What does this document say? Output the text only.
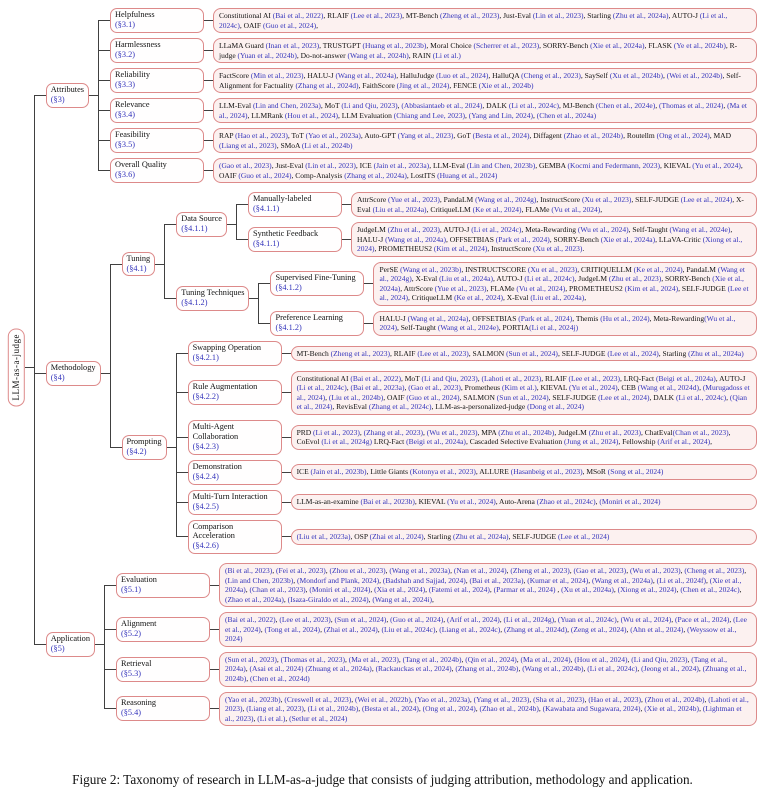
LLM-as-a-judge
Attributes
(§3)
Helpfulness
(§3.1)
Constitutional AI (Bai et al., 2022), RLAIF (Lee et al., 2023), MT-Bench (Zheng et al., 2023), Just-Eval (Lin et al., 2023), Starling (Zhu et al., 2024a), AUTO-J (Li et al., 2024c), OAIF (Guo et al., 2024),
Harmlessness
(§3.2)
LLaMA Guard (Inan et al., 2023), TRUSTGPT (Huang et al., 2023b), Moral Choice (Scherrer et al., 2023), SORRY-Bench (Xie et al., 2024a), FLASK (Ye et al., 2024b), R-judge (Yuan et al., 2024b), Do-not-answer (Wang et al., 2024h), RAIN (Li et al.)
Reliability
(§3.3)
FactScore (Min et al., 2023), HALU-J (Wang et al., 2024a), HalluJudge (Luo et al., 2024), HalluQA (Cheng et al., 2023), SaySelf (Xu et al., 2024b), (Wei et al., 2024b), Self-Alignment for Factuality (Zhang et al., 2024d), FaithScore (Jing et al., 2024), FENCE (Xie et al., 2024b)
Relevance
(§3.4)
LLM-Eval (Lin and Chen, 2023a), MoT (Li and Qiu, 2023), (Abbasiantaeb et al., 2024), DALK (Li et al., 2024c), MJ-Bench (Chen et al., 2024e), (Thomas et al., 2024), (Ma et al., 2024), LLMRank (Hou et al., 2024), LLM Evaluation (Chiang and Lee, 2023), (Yang and Lin, 2024), (Chen et al., 2024a)
Feasibility
(§3.5)
RAP (Hao et al., 2023), ToT (Yao et al., 2023a), Auto-GPT (Yang et al., 2023), GoT (Besta et al., 2024), Diffagent (Zhao et al., 2024b), Routellm (Ong et al., 2024), MAD (Liang et al., 2023), SMoA (Li et al., 2024b)
Overall Quality
(§3.6)
(Gao et al., 2023), Just-Eval (Lin et al., 2023), ICE (Jain et al., 2023a), LLM-Eval (Lin and Chen, 2023b), GEMBA (Kocmi and Federmann, 2023), KIEVAL (Yu et al., 2024), OAIF (Guo et al., 2024), Comp-Analysis (Zhang et al., 2024a), LostITS (Huang et al., 2024)
Methodology
(§4)
Tuning
(§4.1)
Data Source
(§4.1.1)
Manually-labeled
(§4.1.1)
AttrScore (Yue et al., 2023), PandaLM (Wang et al., 2024g), InstructScore (Xu et al., 2023), SELF-JUDGE (Lee et al., 2024), X-Eval (Liu et al., 2024a), CritiqueLLM (Ke et al., 2024), FLAMe (Vu et al., 2024),
Synthetic Feedback
(§4.1.1)
JudgeLM (Zhu et al., 2023), AUTO-J (Li et al., 2024c), Meta-Rewarding (Wu et al., 2024), Self-Taught (Wang et al., 2024e), HALU-J (Wang et al., 2024a), OFFSETBIAS (Park et al., 2024), SORRY-Bench (Xie et al., 2024a), LLaVA-Critic (Xiong et al., 2024), PROMETHEUS2 (Kim et al., 2024), InstructScore (Xu et al., 2023).
Tuning Techniques
(§4.1.2)
Supervised Fine-Tuning
(§4.1.2)
PerSE (Wang et al., 2023b), INSTRUCTSCORE (Xu et al., 2023), CRITIQUELLM (Ke et al., 2024), PandaLM (Wang et al., 2024g), X-Eval (Liu et al., 2024a), AUTO-J (Li et al., 2024c), JudgeLM (Zhu et al., 2023), SORRY-Bench (Xie et al., 2024a), AttrScore (Yue et al., 2023), FLAMe (Vu et al., 2024), PROMETHEUS2 (Kim et al., 2024), SELF-JUDGE (Lee et al., 2024), CritiqueLLM (Ke et al., 2024), X-Eval (Liu et al., 2024a),
Preference Learning
(§4.1.2)
HALU-J (Wang et al., 2024a), OFFSETBIAS (Park et al., 2024), Themis (Hu et al., 2024), Meta-Rewarding(Wu et al., 2024), Self-Taught (Wang et al., 2024e), PORTIA(Li et al., 2024j)
Prompting
(§4.2)
Swapping Operation
(§4.2.1)	MT-Bench (Zheng et al., 2023), RLAIF (Lee et al., 2023), SALMON (Sun et al., 2024), SELF-JUDGE (Lee et al., 2024), Starling (Zhu et al., 2024a)
Rule Augmentation
(§4.2.2)
Constitutional AI (Bai et al., 2022), MoT (Li and Qiu, 2023), (Lahoti et al., 2023), RLAIF (Lee et al., 2023), LRQ-Fact (Beigi et al., 2024a), AUTO-J (Li et al., 2024c), (Bai et al., 2023a), (Gao et al., 2023), Prometheus (Kim et al.), KIEVAL (Yu et al., 2024), CEB (Wang et al., 2024d), (Murugadoss et al., 2024), (Liu et al., 2024b), OAIF (Guo et al., 2024), SALMON (Sun et al., 2024), SELF-JUDGE (Lee et al., 2024), DALK (Li et al., 2024c), (Qian et al., 2024), RevisEval (Zhang et al., 2024c), LLM-as-a-personalized-judge (Dong et al., 2024)
Multi-Agent Collaboration
(§4.2.3)
PRD (Li et al., 2023), (Zhang et al., 2023), (Wu et al., 2023), MPA (Zhu et al., 2024b), JudgeLM (Zhu et al., 2023), ChatEval(Chan et al., 2023), CoEvol (Li et al., 2024g) LRQ-Fact (Beigi et al., 2024a), Cascaded Selective Evaluation (Jung et al., 2024), Fellowship (Arif et al., 2024),
Demonstration
(§4.2.4)	ICE (Jain et al., 2023b), Little Giants (Kotonya et al., 2023), ALLURE (Hasanbeig et al., 2023), MSoR (Song et al., 2024)
Multi-Turn Interaction
(§4.2.5)	LLM-as-an-examine (Bai et al., 2023b), KIEVAL (Yu et al., 2024), Auto-Arena (Zhao et al., 2024c), (Moniri et al., 2024)
Comparison Acceleration
(§4.2.6)
(Liu et al., 2023a), OSP (Zhai et al., 2024), Starling (Zhu et al., 2024a), SELF-JUDGE (Lee et al., 2024)
Application
(§5)
Evaluation
(§5.1)
(Bi et al., 2023), (Fei et al., 2023), (Zhou et al., 2023), (Wang et al., 2023a), (Nan et al., 2024), (Zheng et al., 2023), (Gao et al., 2023), (Wu et al., 2023), (Cheng et al., 2023), (Lin and Chen, 2023b), (Mondorf and Plank, 2024), (Badshah and Sajjad, 2024), (Bai et al., 2023a), (Kumar et al., 2024), (Wang et al., 2024a), (Li et al., 2024f), (Xie et al., 2024a), (Chan et al., 2023), (Moniri et al., 2024), (Xia et al., 2024), (Fatemi et al., 2024), (Parmar et al., 2024) , (Xu et al., 2024a), (Xiong et al., 2024), (Chen et al., 2024c), (Zhao et al., 2024a), (Isaza-Giraldo et al., 2024), (Wang et al., 2024i),
Alignment
(§5.2)
(Bai et al., 2022), (Lee et al., 2023), (Sun et al., 2024), (Guo et al., 2024), (Arif et al., 2024), (Li et al., 2024g), (Yuan et al., 2024c), (Wu et al., 2024), (Pace et al., 2024), (Lee et al., 2024), (Tong et al., 2024), (Zhai et al., 2024), (Liu et al., 2024c), (Liang et al., 2024c), (Zhang et al., 2024d), (Zeng et al., 2024), (Ahn et al., 2024), (Weyssow et al., 2024)
Retrieval
(§5.3)
(Sun et al., 2023), (Thomas et al., 2023), (Ma et al., 2023), (Tang et al., 2024b), (Qin et al., 2024), (Ma et al., 2024), (Hou et al., 2024), (Li and Qiu, 2023), (Tang et al., 2024a), (Asai et al., 2024) (Zhuang et al., 2024a), (Rackauckas et al., 2024), (Zhang et al., 2024b), (Wang et al., 2024b), (Li et al., 2024c), (Jeong et al., 2024), (Zhuang et al., 2024b), (Chen et al., 2024d)
Reasoning
(§5.4)
(Yao et al., 2023b), (Creswell et al., 2023), (Wei et al., 2022b), (Yao et al., 2023a), (Yang et al., 2023), (Sha et al., 2023), (Hao et al., 2023), (Zhou et al., 2024b), (Lahoti et al., 2023), (Liang et al., 2023), (Li et al., 2024b), (Besta et al., 2024), (Ong et al., 2024), (Zhao et al., 2024b), (Kawabata and Sugawara, 2024), (Xie et al., 2024b), (Lightman et al., 2023), (Li et al.), (Setlur et al., 2024)
Figure 2: Taxonomy of research in LLM-as-a-judge that consists of judging attribution, methodology and application.
